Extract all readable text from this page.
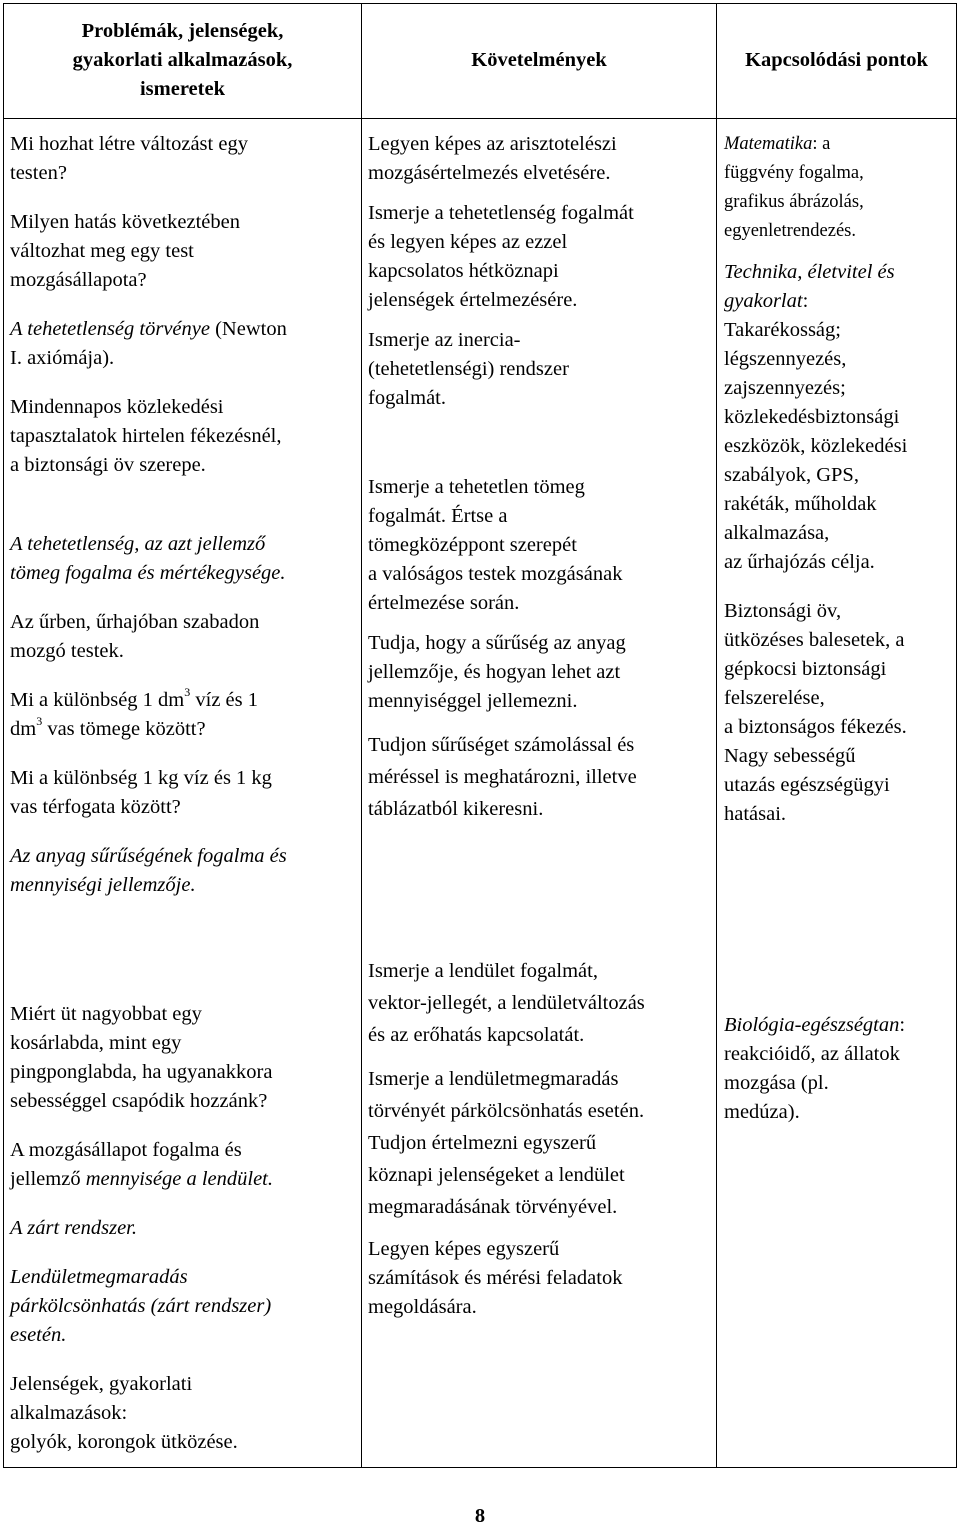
Problémák, jelenségek,
gyakorlati alkalmazások,
ismeretek
Követelmények	Kapcsolódási pontok

Mi hozhat létre változást egy
testen?

Milyen hatás következtében
változhat meg egy test
mozgásállapota?

A tehetetlenség törvénye (Newton
I. axiómája).

Mindennapos közlekedési
tapasztalatok hirtelen fékezésnél,
a biztonsági öv szerepe.

A tehetetlenség, az azt jellemző
tömeg fogalma és mértékegysége.

Az űrben, űrhajóban szabadon
mozgó testek.

Mi a különbség 1 $dm^3$ víz és 1
$dm^3$ vas tömege között?

Mi a különbség 1 kg víz és 1 kg
vas térfogata között?

Az anyag sűrűségének fogalma és
mennyiségi jellemzője.

Legyen képes az arisztotelészi
mozgásértelmezés elvetésére.

Ismerje a tehetetlenség fogalmát
és legyen képes az ezzel
kapcsolatos hétköznapi
jelenségek értelmezésére.

Ismerje az inercia-
(tehetetlenségi) rendszer
fogalmát.

Ismerje a tehetetlen tömeg
fogalmát. Értse a
tömegközéppont szerepét
a valóságos testek mozgásának
értelmezése során.

Tudja, hogy a sűrűség az anyag
jellemzője, és hogyan lehet azt
mennyiséggel jellemezni.

Tudjon sűrűséget számolással és
méréssel is meghatározni, illetve
táblázatból kikeresni.

Matematika: a
függvény fogalma,
grafikus ábrázolás,
egyenletrendezés.

Technika, életvitel és
gyakorlat:
Takarékosság;
légszennyezés,
zajszennyezés;
közlekedésbiztonsági
eszközök, közlekedési
szabályok, GPS,
rakéták, műholdak
alkalmazása,
az űrhajózás célja.

Biztonsági öv,
ütközéses balesetek, a
gépkocsi biztonsági
felszerelése,
a biztonságos fékezés.
Nagy sebességű
utazás egészségügyi
hatásai.

Miért üt nagyobbat egy
kosárlabda, mint egy
pingponglabda, ha ugyanakkora
sebességgel csapódik hozzánk?

A mozgásállapot fogalma és
jellemző mennyisége a lendület.

A zárt rendszer.

Lendületmegmaradás
párkölcsönhatás (zárt rendszer)
esetén.

Jelenségek, gyakorlati
alkalmazások:
golyók, korongok ütközése.

Ismerje a lendület fogalmát,
vektor-jellegét, a lendületváltozás
és az erőhatás kapcsolatát.

Ismerje a lendületmegmaradás
törvényét párkölcsönhatás esetén.
Tudjon értelmezni egyszerű
köznapi jelenségeket a lendület
megmaradásának törvényével.

Legyen képes egyszerű
számítások és mérési feladatok
megoldására.

Biológia-egészségtan:
reakcióidő, az állatok
mozgása (pl.
medúza).

8
